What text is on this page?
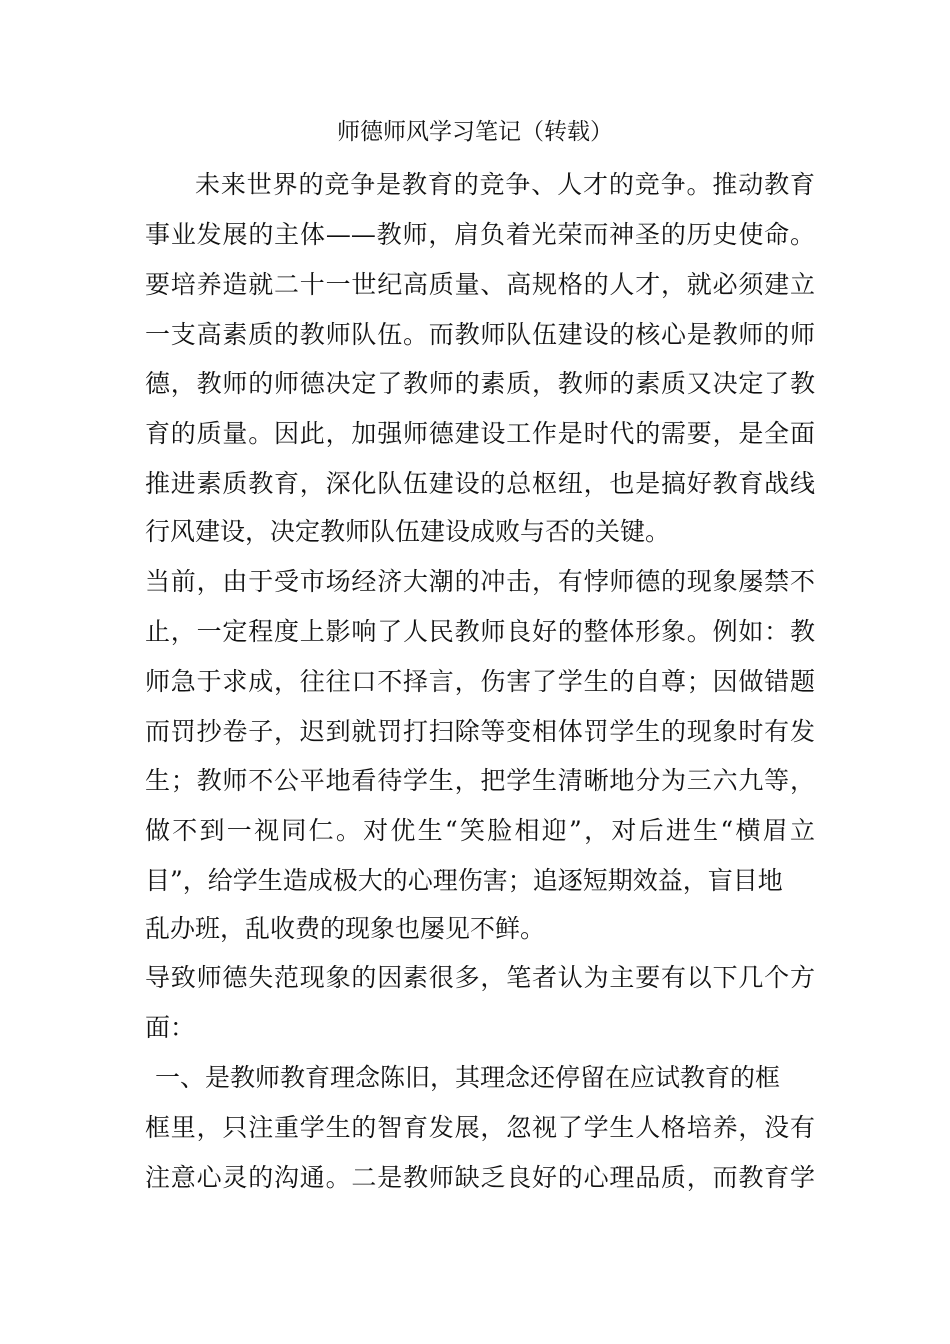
师德师风学习笔记（转载）
未来世界的竞争是教育的竞争、人才的竞争。推动教育
事业发展的主体——教师，肩负着光荣而神圣的历史使命。
要培养造就二十一世纪高质量、高规格的人才，就必须建立
一支高素质的教师队伍。而教师队伍建设的核心是教师的师
德，教师的师德决定了教师的素质，教师的素质又决定了教
育的质量。因此，加强师德建设工作是时代的需要，是全面
推进素质教育，深化队伍建设的总枢纽，也是搞好教育战线
行风建设，决定教师队伍建设成败与否的关键。
当前，由于受市场经济大潮的冲击，有悖师德的现象屡禁不
止，一定程度上影响了人民教师良好的整体形象。例如：教
师急于求成，往往口不择言，伤害了学生的自尊；因做错题
而罚抄卷子，迟到就罚打扫除等变相体罚学生的现象时有发
生；教师不公平地看待学生，把学生清晰地分为三六九等，
做不到一视同仁。对优生“笑脸相迎”，对后进生“横眉立
目”，给学生造成极大的心理伤害；追逐短期效益，盲目地
乱办班，乱收费的现象也屡见不鲜。
导致师德失范现象的因素很多，笔者认为主要有以下几个方
面：
一、是教师教育理念陈旧，其理念还停留在应试教育的框
框里，只注重学生的智育发展，忽视了学生人格培养，没有
注意心灵的沟通。二是教师缺乏良好的心理品质，而教育学
